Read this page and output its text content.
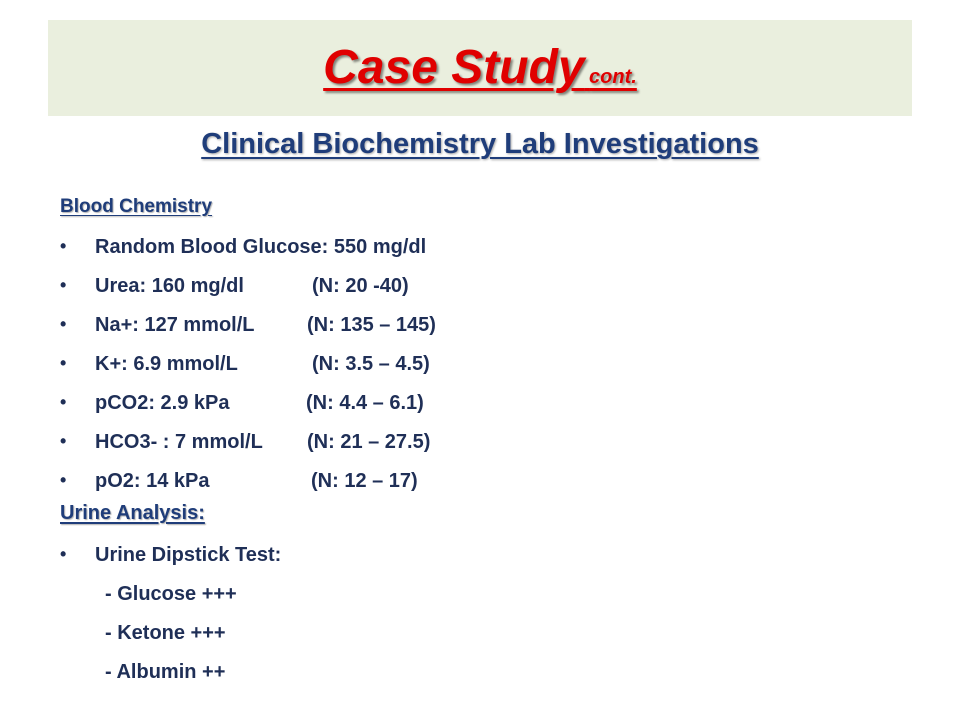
Case Study cont.
Clinical Biochemistry Lab Investigations
Blood Chemistry
• Random Blood Glucose: 550 mg/dl
• Urea: 160 mg/dl	(N: 20 -40)
• Na+: 127 mmol/L	(N: 135 – 145)
• K+: 6.9 mmol/L	(N: 3.5 – 4.5)
• pCO2: 2.9 kPa	(N: 4.4 – 6.1)
• HCO3- : 7 mmol/L (N: 21 – 27.5)
• pO2: 14 kPa	(N: 12 – 17)
Urine Analysis:
• Urine Dipstick Test:
- Glucose +++
- Ketone +++
- Albumin ++
